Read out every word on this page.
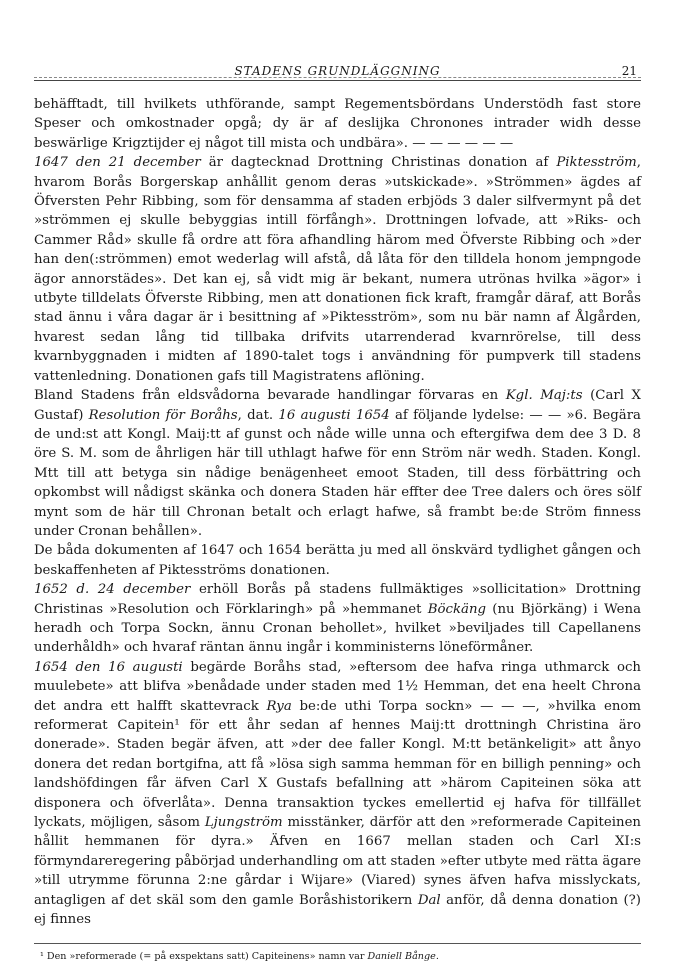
STADENS GRUNDLÄGGNING	21

behäfftadt, till hvilkets uthförande, sampt Regementsbördans Understödh fast store Speser och omkostnader opgå; dy är af deslijka Chronones intrader widh desse beswärlige Krigztijder ej något till mista och undbära». — — — — — —

1647 den 21 december är dagtecknad Drottning Christinas donation af Piktesström, hvarom Borås Borgerskap anhållit genom deras »utskickade». »Strömmen» ägdes af Öfversten Pehr Ribbing, som för densamma af staden erbjöds 3 daler silfvermynt på det »strömmen ej skulle bebyggias intill förfångh». Drottningen lofvade, att »Riks- och Cammer Råd» skulle få ordre att föra afhandling härom med Öfverste Ribbing och »der han den(:strömmen) emot wederlag will afstå, då låta för den tilldela honom jempngode ägor annorstädes». Det kan ej, så vidt mig är bekant, numera utrönas hvilka »ägor» i utbyte tilldelats Öfverste Ribbing, men att donationen fick kraft, framgår däraf, att Borås stad ännu i våra dagar är i besittning af »Piktesström», som nu bär namn af Ålgården, hvarest sedan lång tid tillbaka drifvits utarrenderad kvarnrörelse, till dess kvarnbyggnaden i midten af 1890-talet togs i användning för pumpverk till stadens vattenledning. Donationen gafs till Magistratens aflöning.

Bland Stadens från eldsvådorna bevarade handlingar förvaras en Kgl. Maj:ts (Carl X Gustaf) Resolution för Boråhs, dat. 16 augusti 1654 af följande lydelse: — — »6. Begära de und:st att Kongl. Maij:tt af gunst och nåde wille unna och eftergifwa dem dee 3 D. 8 öre S. M. som de åhrligen här till uthlagt hafwe för enn Ström när wedh. Staden. Kongl. Mtt till att betyga sin nådige benägenheet emoot Staden, till dess förbättring och opkombst will nådigst skänka och donera Staden här effter dee Tree dalers och öres sölf mynt som de här till Chronan betalt och erlagt hafwe, så frambt be:de Ström finness under Cronan behållen».

De båda dokumenten af 1647 och 1654 berätta ju med all önskvärd tydlighet gången och beskaffenheten af Piktesströms donationen.

1652 d. 24 december erhöll Borås på stadens fullmäktiges »sollicitation» Drottning Christinas »Resolution och Förklaringh» på »hemmanet Böckäng (nu Björkäng) i Wena heradh och Torpa Sockn, ännu Cronan behollet», hvilket »beviljades till Capellanens underhåldh» och hvaraf räntan ännu ingår i komministerns löneförmåner.

1654 den 16 augusti begärde Boråhs stad, »eftersom dee hafva ringa uthmarck och muulebete» att blifva »benådade under staden med 1½ Hemman, det ena heelt Chrona det andra ett halfft skattevrack Rya be:de uthi Torpa sockn» — — —, »hvilka enom reformerat Capitein¹ för ett åhr sedan af hennes Maij:tt drottningh Christina äro donerade». Staden begär äfven, att »der dee faller Kongl. M:tt betänkeligit» att ånyo donera det redan bortgifna, att få »lösa sigh samma hemman för en billigh penning» och landshöfdingen får äfven Carl X Gustafs befallning att »härom Capiteinen söka att disponera och öfverlåta». Denna transaktion tyckes emellertid ej hafva för tillfället lyckats, möjligen, såsom Ljungström misstänker, därför att den »reformerade Capiteinen hållit hemmanen för dyra.» Äfven en 1667 mellan staden och Carl XI:s förmyndareregering påbörjad underhandling om att staden »efter utbyte med rätta ägare »till utrymme förunna 2:ne gårdar i Wijare» (Viared) synes äfven hafva misslyckats, antagligen af det skäl som den gamle Boråshistorikern Dal anför, då denna donation (?) ej finnes

¹ Den »reformerade (= på exspektans satt) Capiteinens» namn var Daniell Bånge.
